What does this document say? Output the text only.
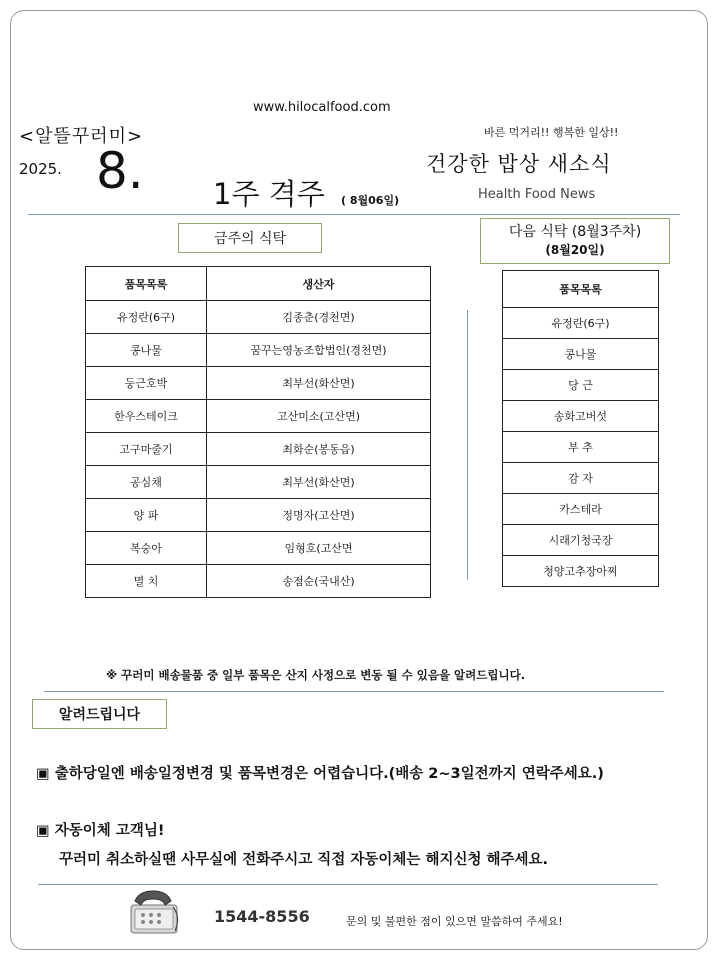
www.hilocalfood.com
<알뜰꾸러미>
2025. 8. 1주 격주 ( 8월06일)
바른 먹거리!! 행복한 일상!!
건강한 밥상 새소식
Health Food News
금주의 식탁	다음 식탁 (8월3주차)
(8월20일)
품목목록	생산자
유정란(6구)	김종춘(경천면)
콩나물	꿈꾸는영농조합법인(경천면)
둥근호박	최부선(화산면)
한우스테이크	고산미소(고산면)
고구마줄기	최화순(봉동읍)
공심채	최부선(화산면)
양 파	정명자(고산면)
복숭아	임형호(고산면
멸 치	송점순(국내산)
품목목록
유정란(6구)
콩나물
당 근
송화고버섯
부 추
감 자
카스테라
시래기청국장
청양고추장아찌
※ 꾸러미 배송물품 중 일부 품목은 산지 사정으로 변동 될 수 있음을 알려드립니다.
알려드립니다
▣ 출하당일엔 배송일정변경 및 품목변경은 어렵습니다.(배송 2~3일전까지 연락주세요.)
▣ 자동이체 고객님!
꾸러미 취소하실땐 사무실에 전화주시고 직접 자동이체는 해지신청 해주세요.
1544-8556	문의 및 불편한 점이 있으면 말씀하여 주세요!
